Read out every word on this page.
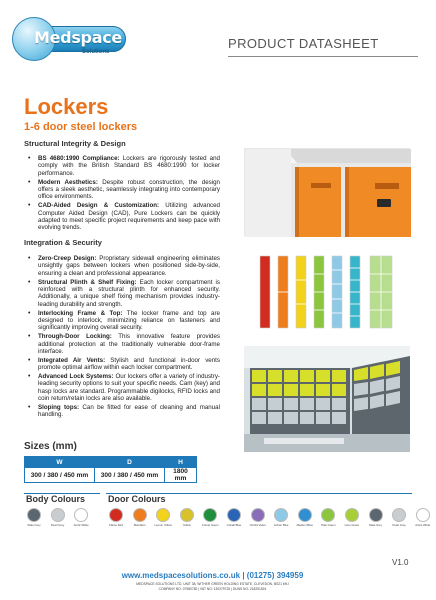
Medspace
Solutions
PRODUCT DATASHEET
Lockers
1-6 door steel lockers
Structural Integrity & Design
• BS 4680:1990 Compliance: Lockers are rigorously tested and comply with the British Standard BS 4680:1990 for locker performance.
• Modern Aesthetics: Despite robust construction, the design offers a sleek aesthetic, seamlessly integrating into contemporary office environments.
• CAD-Aided Design & Customization: Utilizing advanced Computer Aided Design (CAD), Pure Lockers can be quickly adapted to meet specific project requirements and keep pace with evolving trends.
Integration & Security
• Zero-Creep Design: Proprietary sidewall engineering eliminates unsightly gaps between lockers when positioned side-by-side, ensuring a clean and professional appearance.
• Structural Plinth & Shelf Fixing: Each locker compartment is reinforced with a structural plinth for enhanced security. Additionally, a unique shelf fixing mechanism provides industry-leading durability and strength.
• Interlocking Frame & Top: The locker frame and top are designed to interlock, minimizing reliance on fasteners and significantly improving overall security.
• Through-Door Locking: This innovative feature provides additional protection at the traditionally vulnerable door-frame interface.
• Integrated Air Vents: Stylish and functional in-door vents promote optimal airflow within each locker compartment.
• Advanced Lock Systems: Our lockers offer a variety of industry-leading security options to suit your specific needs. Cam (key) and hasp locks are standard. Programmable digilocks, RFID locks and coin return/retain locks are also available.
• Sloping tops: Can be fitted for ease of cleaning and manual handling.
Sizes (mm)
W	D	H
300 / 380 / 450 mm	300 / 380 / 450 mm	1800 mm
Body Colours
Slate Grey	Pearl Grey	Arctic White
Door Colours
Flame Red	Mandarin	Lemon Yellow	Yellow	Forest Green	Cobalt Blue	Orchid Violet	Lichen Blue	Medium Blue	Pale Green	Lime Green	Slate Grey	Pearl Grey	Arctic White
V1.0
www.medspacesolutions.co.uk | (01275) 394959
MEDSPACE SOLUTIONS LTD, UNIT 38, WITHER GREEN HOLDING ESTATE, CLEVEDON, BS21 6HJ
COMPANY NO: 07980782 | VAT NO: 130379725 | DUNS NO: 218251524
